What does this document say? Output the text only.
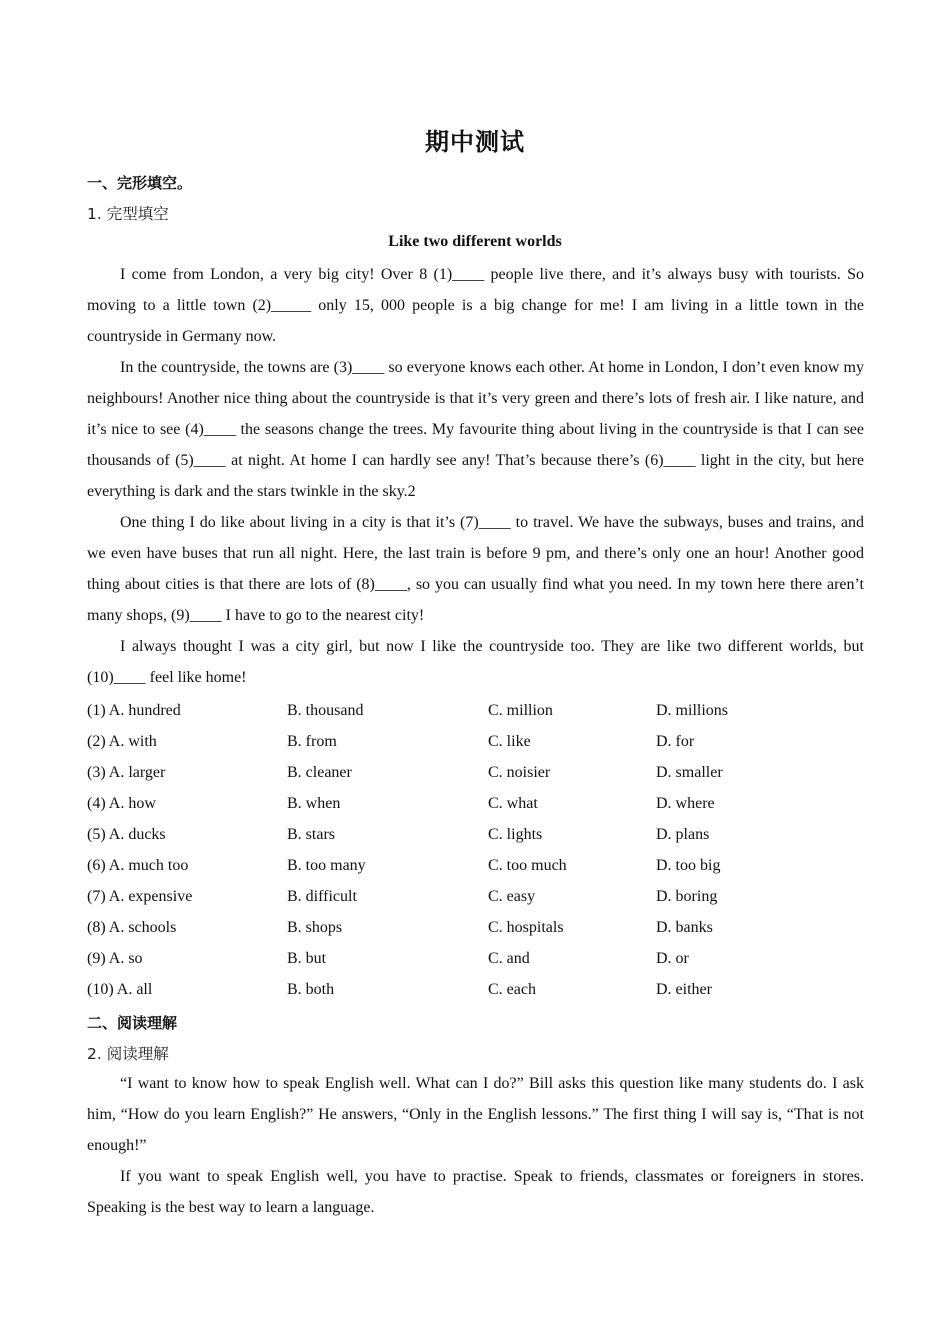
期中测试
一、完形填空。
1. 完型填空
Like two different worlds

I come from London, a very big city! Over 8 (1)____ people live there, and it’s always busy with tourists. So moving to a little town (2)_____ only 15, 000 people is a big change for me! I am living in a little town in the countryside in Germany now.

In the countryside, the towns are (3)____ so everyone knows each other. At home in London, I don’t even know my neighbours! Another nice thing about the countryside is that it’s very green and there’s lots of fresh air. I like nature, and it’s nice to see (4)____ the seasons change the trees. My favourite thing about living in the countryside is that I can see thousands of (5)____ at night. At home I can hardly see any! That’s because there’s (6)____ light in the city, but here everything is dark and the stars twinkle in the sky.2

One thing I do like about living in a city is that it’s (7)____ to travel. We have the subways, buses and trains, and we even have buses that run all night. Here, the last train is before 9 pm, and there’s only one an hour! Another good thing about cities is that there are lots of (8)____, so you can usually find what you need. In my town here there aren’t many shops, (9)____ I have to go to the nearest city!

I always thought I was a city girl, but now I like the countryside too. They are like two different worlds, but (10)____ feel like home!

(1) A. hundred	B. thousand	C. million	D. millions
(2) A. with	B. from	C. like	D. for
(3) A. larger	B. cleaner	C. noisier	D. smaller
(4) A. how	B. when	C. what	D. where
(5) A. ducks	B. stars	C. lights	D. plans
(6) A. much too	B. too many	C. too much	D. too big
(7) A. expensive	B. difficult	C. easy	D. boring
(8) A. schools	B. shops	C. hospitals	D. banks
(9) A. so	B. but	C. and	D. or
(10) A. all	B. both	C. each	D. either
二、阅读理解
2. 阅读理解

“I want to know how to speak English well. What can I do?” Bill asks this question like many students do. I ask him, “How do you learn English?” He answers, “Only in the English lessons.” The first thing I will say is, “That is not enough!”

If you want to speak English well, you have to practise. Speak to friends, classmates or foreigners in stores. Speaking is the best way to learn a language.
